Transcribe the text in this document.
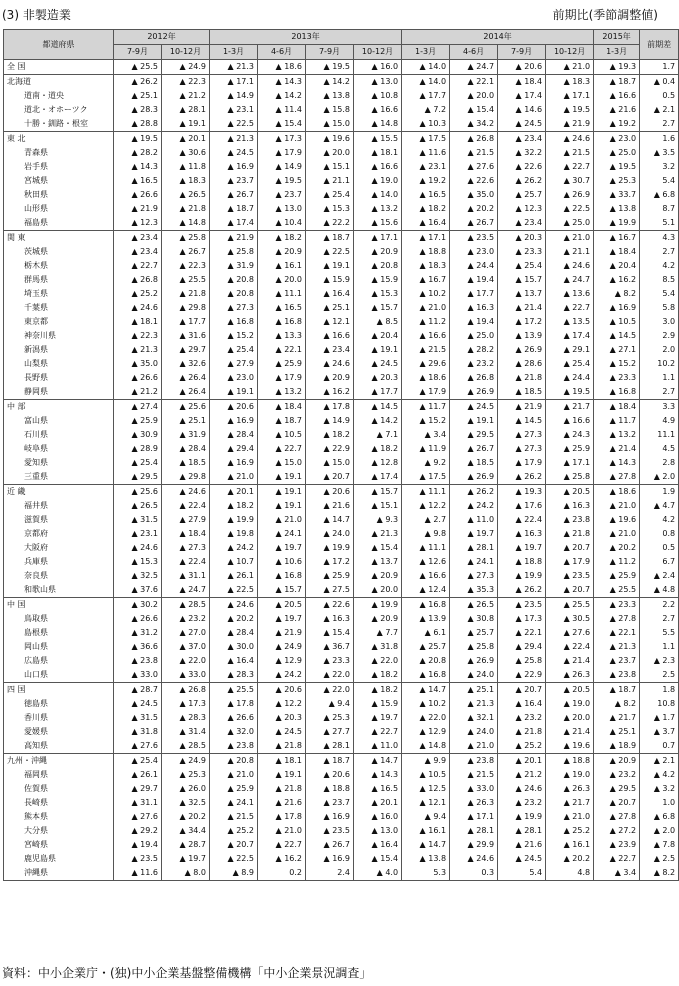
(3) 非製造業	前期比(季節調整値)
都道府県	2012年		2013年				2014年				2015年	前期差
	7-9月	10-12月	1-3月	4-6月	7-9月	10-12月	1-3月	4-6月	7-9月	10-12月	1-3月	
全 国	▲ 25.5	▲ 24.9	▲ 21.3	▲ 18.6	▲ 19.5	▲ 16.0	▲ 14.0	▲ 24.7	▲ 20.6	▲ 21.0	▲ 19.3	1.7
北海道	▲ 26.2	▲ 22.3	▲ 17.1	▲ 14.3	▲ 14.2	▲ 13.0	▲ 14.0	▲ 22.1	▲ 18.4	▲ 18.3	▲ 18.7	▲ 0.4
道南・道央	▲ 25.1	▲ 21.2	▲ 14.9	▲ 14.2	▲ 13.8	▲ 10.8	▲ 17.7	▲ 20.0	▲ 17.4	▲ 17.1	▲ 16.6	0.5
道北・オホーツク	▲ 28.3	▲ 28.1	▲ 23.1	▲ 11.4	▲ 15.8	▲ 16.6	▲ 7.2	▲ 15.4	▲ 14.6	▲ 19.5	▲ 21.6	▲ 2.1
十勝・釧路・根室	▲ 28.8	▲ 19.1	▲ 22.5	▲ 15.4	▲ 15.0	▲ 14.8	▲ 10.3	▲ 34.2	▲ 24.5	▲ 21.9	▲ 19.2	2.7
東 北	▲ 19.5	▲ 20.1	▲ 21.3	▲ 17.3	▲ 19.6	▲ 15.5	▲ 17.5	▲ 26.8	▲ 23.4	▲ 24.6	▲ 23.0	1.6
青森県	▲ 28.2	▲ 30.6	▲ 24.5	▲ 17.9	▲ 20.0	▲ 18.1	▲ 11.6	▲ 21.5	▲ 32.2	▲ 21.5	▲ 25.0	▲ 3.5
岩手県	▲ 14.3	▲ 11.8	▲ 16.9	▲ 14.9	▲ 15.1	▲ 16.6	▲ 23.1	▲ 27.6	▲ 22.6	▲ 22.7	▲ 19.5	3.2
宮城県	▲ 16.5	▲ 18.3	▲ 23.7	▲ 19.5	▲ 21.1	▲ 19.0	▲ 19.2	▲ 22.6	▲ 26.2	▲ 30.7	▲ 25.3	5.4
秋田県	▲ 26.6	▲ 26.5	▲ 26.7	▲ 23.7	▲ 25.4	▲ 14.0	▲ 16.5	▲ 35.0	▲ 25.7	▲ 26.9	▲ 33.7	▲ 6.8
山形県	▲ 21.9	▲ 21.8	▲ 18.7	▲ 13.0	▲ 15.3	▲ 13.2	▲ 18.2	▲ 20.2	▲ 12.3	▲ 22.5	▲ 13.8	8.7
福島県	▲ 12.3	▲ 14.8	▲ 17.4	▲ 10.4	▲ 22.2	▲ 15.6	▲ 16.4	▲ 26.7	▲ 23.4	▲ 25.0	▲ 19.9	5.1
関 東	▲ 23.4	▲ 25.8	▲ 21.9	▲ 18.2	▲ 18.7	▲ 17.1	▲ 17.1	▲ 23.5	▲ 20.3	▲ 21.0	▲ 16.7	4.3
茨城県	▲ 23.4	▲ 26.7	▲ 25.8	▲ 20.9	▲ 22.5	▲ 20.9	▲ 18.8	▲ 23.0	▲ 23.3	▲ 21.1	▲ 18.4	2.7
栃木県	▲ 22.7	▲ 22.3	▲ 31.9	▲ 16.1	▲ 19.1	▲ 20.8	▲ 18.3	▲ 24.4	▲ 25.4	▲ 24.6	▲ 20.4	4.2
群馬県	▲ 26.8	▲ 25.5	▲ 20.8	▲ 20.0	▲ 15.9	▲ 15.9	▲ 16.7	▲ 19.4	▲ 15.7	▲ 24.7	▲ 16.2	8.5
埼玉県	▲ 25.2	▲ 21.8	▲ 20.8	▲ 11.1	▲ 16.4	▲ 15.3	▲ 10.2	▲ 17.7	▲ 13.7	▲ 13.6	▲ 8.2	5.4
千葉県	▲ 24.6	▲ 29.8	▲ 27.3	▲ 16.5	▲ 25.1	▲ 15.7	▲ 21.0	▲ 16.3	▲ 21.4	▲ 22.7	▲ 16.9	5.8
東京都	▲ 18.1	▲ 17.7	▲ 16.8	▲ 16.8	▲ 12.1	▲ 8.5	▲ 11.2	▲ 19.4	▲ 17.2	▲ 13.5	▲ 10.5	3.0
神奈川県	▲ 22.3	▲ 31.6	▲ 15.2	▲ 13.3	▲ 16.6	▲ 20.4	▲ 16.6	▲ 25.0	▲ 13.9	▲ 17.4	▲ 14.5	2.9
新潟県	▲ 21.3	▲ 29.7	▲ 25.4	▲ 22.1	▲ 23.4	▲ 19.1	▲ 21.5	▲ 28.2	▲ 26.9	▲ 29.1	▲ 27.1	2.0
山梨県	▲ 35.0	▲ 32.6	▲ 27.9	▲ 25.9	▲ 24.6	▲ 24.5	▲ 29.6	▲ 23.2	▲ 28.6	▲ 25.4	▲ 15.2	10.2
長野県	▲ 26.6	▲ 26.4	▲ 23.0	▲ 17.9	▲ 20.9	▲ 20.3	▲ 18.6	▲ 26.8	▲ 21.8	▲ 24.4	▲ 23.3	1.1
静岡県	▲ 21.2	▲ 26.4	▲ 19.1	▲ 13.2	▲ 16.2	▲ 17.7	▲ 17.9	▲ 26.9	▲ 18.5	▲ 19.5	▲ 16.8	2.7
中 部	▲ 27.4	▲ 25.6	▲ 20.6	▲ 18.4	▲ 17.8	▲ 14.5	▲ 11.7	▲ 24.5	▲ 21.9	▲ 21.7	▲ 18.4	3.3
富山県	▲ 25.9	▲ 25.1	▲ 16.9	▲ 18.7	▲ 14.9	▲ 14.2	▲ 15.2	▲ 19.1	▲ 14.5	▲ 16.6	▲ 11.7	4.9
石川県	▲ 30.9	▲ 31.9	▲ 28.4	▲ 10.5	▲ 18.2	▲ 7.1	▲ 3.4	▲ 29.5	▲ 27.3	▲ 24.3	▲ 13.2	11.1
岐阜県	▲ 28.9	▲ 28.4	▲ 29.4	▲ 22.7	▲ 22.9	▲ 18.2	▲ 11.9	▲ 26.7	▲ 27.3	▲ 25.9	▲ 21.4	4.5
愛知県	▲ 25.4	▲ 18.5	▲ 16.9	▲ 15.0	▲ 15.0	▲ 12.8	▲ 9.2	▲ 18.5	▲ 17.9	▲ 17.1	▲ 14.3	2.8
三重県	▲ 29.5	▲ 29.8	▲ 21.0	▲ 19.1	▲ 20.7	▲ 17.4	▲ 17.5	▲ 26.9	▲ 26.2	▲ 25.8	▲ 27.8	▲ 2.0
近 畿	▲ 25.6	▲ 24.6	▲ 20.1	▲ 19.1	▲ 20.6	▲ 15.7	▲ 11.1	▲ 26.2	▲ 19.3	▲ 20.5	▲ 18.6	1.9
福井県	▲ 26.5	▲ 22.4	▲ 18.2	▲ 19.1	▲ 21.6	▲ 15.1	▲ 12.2	▲ 24.2	▲ 17.6	▲ 16.3	▲ 21.0	▲ 4.7
滋賀県	▲ 31.5	▲ 27.9	▲ 19.9	▲ 21.0	▲ 14.7	▲ 9.3	▲ 2.7	▲ 11.0	▲ 22.4	▲ 23.8	▲ 19.6	4.2
京都府	▲ 23.1	▲ 18.4	▲ 19.8	▲ 24.1	▲ 24.0	▲ 21.3	▲ 9.8	▲ 19.7	▲ 16.3	▲ 21.8	▲ 21.0	0.8
大阪府	▲ 24.6	▲ 27.3	▲ 24.2	▲ 19.7	▲ 19.9	▲ 15.4	▲ 11.1	▲ 28.1	▲ 19.7	▲ 20.7	▲ 20.2	0.5
兵庫県	▲ 15.3	▲ 22.4	▲ 10.7	▲ 10.6	▲ 17.2	▲ 13.7	▲ 12.6	▲ 24.1	▲ 18.8	▲ 17.9	▲ 11.2	6.7
奈良県	▲ 32.5	▲ 31.1	▲ 26.1	▲ 16.8	▲ 25.9	▲ 20.9	▲ 16.6	▲ 27.3	▲ 19.9	▲ 23.5	▲ 25.9	▲ 2.4
和歌山県	▲ 37.6	▲ 24.7	▲ 22.5	▲ 15.7	▲ 27.5	▲ 20.0	▲ 12.4	▲ 35.3	▲ 26.2	▲ 20.7	▲ 25.5	▲ 4.8
中 国	▲ 30.2	▲ 28.5	▲ 24.6	▲ 20.5	▲ 22.6	▲ 19.9	▲ 16.8	▲ 26.5	▲ 23.5	▲ 25.5	▲ 23.3	2.2
鳥取県	▲ 26.6	▲ 23.2	▲ 20.2	▲ 19.7	▲ 16.3	▲ 20.9	▲ 13.9	▲ 30.8	▲ 17.3	▲ 30.5	▲ 27.8	2.7
島根県	▲ 31.2	▲ 27.0	▲ 28.4	▲ 21.9	▲ 15.4	▲ 7.7	▲ 6.1	▲ 25.7	▲ 22.1	▲ 27.6	▲ 22.1	5.5
岡山県	▲ 36.6	▲ 37.0	▲ 30.0	▲ 24.9	▲ 36.7	▲ 31.8	▲ 25.7	▲ 25.8	▲ 29.4	▲ 22.4	▲ 21.3	1.1
広島県	▲ 23.8	▲ 22.0	▲ 16.4	▲ 12.9	▲ 23.3	▲ 22.0	▲ 20.8	▲ 26.9	▲ 25.8	▲ 21.4	▲ 23.7	▲ 2.3
山口県	▲ 33.0	▲ 33.0	▲ 28.3	▲ 24.2	▲ 22.0	▲ 18.2	▲ 16.8	▲ 24.0	▲ 22.9	▲ 26.3	▲ 23.8	2.5
四 国	▲ 28.7	▲ 26.8	▲ 25.5	▲ 20.6	▲ 22.0	▲ 18.2	▲ 14.7	▲ 25.1	▲ 20.7	▲ 20.5	▲ 18.7	1.8
徳島県	▲ 24.5	▲ 17.3	▲ 17.8	▲ 12.2	▲ 9.4	▲ 15.9	▲ 10.2	▲ 21.3	▲ 16.4	▲ 19.0	▲ 8.2	10.8
香川県	▲ 31.5	▲ 28.3	▲ 26.6	▲ 20.3	▲ 25.3	▲ 19.7	▲ 22.0	▲ 32.1	▲ 23.2	▲ 20.0	▲ 21.7	▲ 1.7
愛媛県	▲ 31.8	▲ 31.4	▲ 32.0	▲ 24.5	▲ 27.7	▲ 22.7	▲ 12.9	▲ 24.0	▲ 21.8	▲ 21.4	▲ 25.1	▲ 3.7
高知県	▲ 27.6	▲ 28.5	▲ 23.8	▲ 21.8	▲ 28.1	▲ 11.0	▲ 14.8	▲ 21.0	▲ 25.2	▲ 19.6	▲ 18.9	0.7
九州・沖縄	▲ 25.4	▲ 24.9	▲ 20.8	▲ 18.1	▲ 18.7	▲ 14.7	▲ 9.9	▲ 23.8	▲ 20.1	▲ 18.8	▲ 20.9	▲ 2.1
福岡県	▲ 26.1	▲ 25.3	▲ 21.0	▲ 19.1	▲ 20.6	▲ 14.3	▲ 10.5	▲ 21.5	▲ 21.2	▲ 19.0	▲ 23.2	▲ 4.2
佐賀県	▲ 29.7	▲ 26.0	▲ 25.9	▲ 21.8	▲ 18.8	▲ 16.5	▲ 12.5	▲ 33.0	▲ 24.6	▲ 26.3	▲ 29.5	▲ 3.2
長崎県	▲ 31.1	▲ 32.5	▲ 24.1	▲ 21.6	▲ 23.7	▲ 20.1	▲ 12.1	▲ 26.3	▲ 23.2	▲ 21.7	▲ 20.7	1.0
熊本県	▲ 27.6	▲ 20.2	▲ 21.5	▲ 17.8	▲ 16.9	▲ 16.0	▲ 9.4	▲ 17.1	▲ 19.9	▲ 21.0	▲ 27.8	▲ 6.8
大分県	▲ 29.2	▲ 34.4	▲ 25.2	▲ 21.0	▲ 23.5	▲ 13.0	▲ 16.1	▲ 28.1	▲ 28.1	▲ 25.2	▲ 27.2	▲ 2.0
宮崎県	▲ 19.4	▲ 28.7	▲ 20.7	▲ 22.7	▲ 26.7	▲ 16.4	▲ 14.7	▲ 29.9	▲ 21.6	▲ 16.1	▲ 23.9	▲ 7.8
鹿児島県	▲ 23.5	▲ 19.7	▲ 22.5	▲ 16.2	▲ 16.9	▲ 15.4	▲ 13.8	▲ 24.6	▲ 24.5	▲ 20.2	▲ 22.7	▲ 2.5
沖縄県	▲ 11.6	▲ 8.0	▲ 8.9	0.2	2.4	▲ 4.0	5.3	0.3	5.4	4.8	▲ 3.4	▲ 8.2
資料：中小企業庁・(独)中小企業基盤整備機構「中小企業景況調査」
